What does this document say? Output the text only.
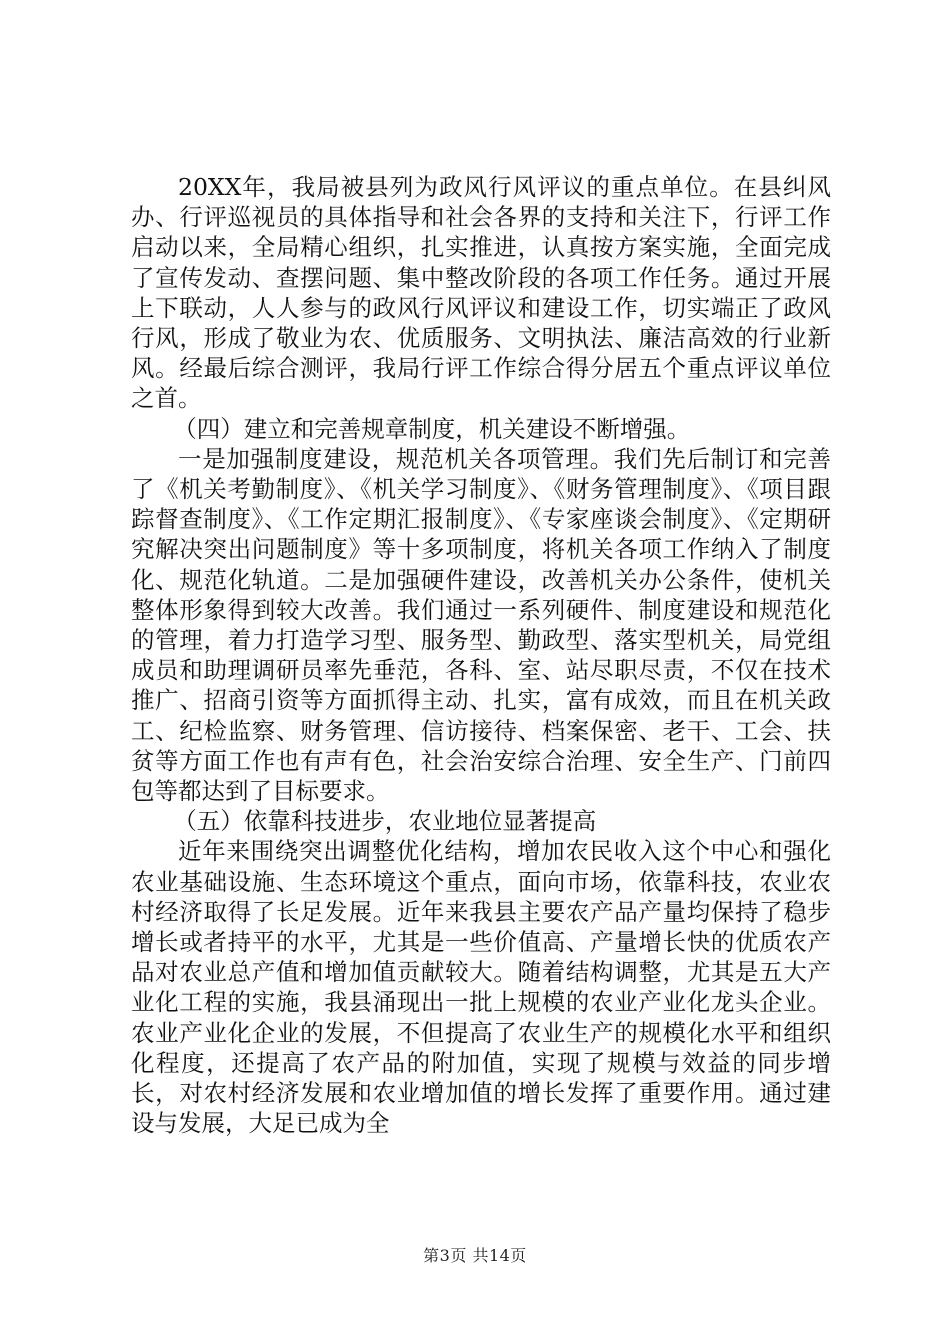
20XX年，我局被县列为政风行风评议的重点单位。在县纠风办、行评巡视员的具体指导和社会各界的支持和关注下，行评工作启动以来，全局精心组织，扎实推进，认真按方案实施，全面完成了宣传发动、查摆问题、集中整改阶段的各项工作任务。通过开展上下联动，人人参与的政风行风评议和建设工作，切实端正了政风行风，形成了敬业为农、优质服务、文明执法、廉洁高效的行业新风。经最后综合测评，我局行评工作综合得分居五个重点评议单位之首。

（四）建立和完善规章制度，机关建设不断增强。

一是加强制度建设，规范机关各项管理。我们先后制订和完善了《机关考勤制度》、《机关学习制度》、《财务管理制度》、《项目跟踪督查制度》、《工作定期汇报制度》、《专家座谈会制度》、《定期研究解决突出问题制度》等十多项制度，将机关各项工作纳入了制度化、规范化轨道。二是加强硬件建设，改善机关办公条件，使机关整体形象得到较大改善。我们通过一系列硬件、制度建设和规范化的管理，着力打造学习型、服务型、勤政型、落实型机关，局党组成员和助理调研员率先垂范，各科、室、站尽职尽责，不仅在技术推广、招商引资等方面抓得主动、扎实，富有成效，而且在机关政工、纪检监察、财务管理、信访接待、档案保密、老干、工会、扶贫等方面工作也有声有色，社会治安综合治理、安全生产、门前四包等都达到了目标要求。

（五）依靠科技进步，农业地位显著提高

近年来围绕突出调整优化结构，增加农民收入这个中心和强化农业基础设施、生态环境这个重点，面向市场，依靠科技，农业农村经济取得了长足发展。近年来我县主要农产品产量均保持了稳步增长或者持平的水平，尤其是一些价值高、产量增长快的优质农产品对农业总产值和增加值贡献较大。随着结构调整，尤其是五大产业化工程的实施，我县涌现出一批上规模的农业产业化龙头企业。农业产业化企业的发展，不但提高了农业生产的规模化水平和组织化程度，还提高了农产品的附加值，实现了规模与效益的同步增长，对农村经济发展和农业增加值的增长发挥了重要作用。通过建设与发展，大足已成为全

第3页 共14页
